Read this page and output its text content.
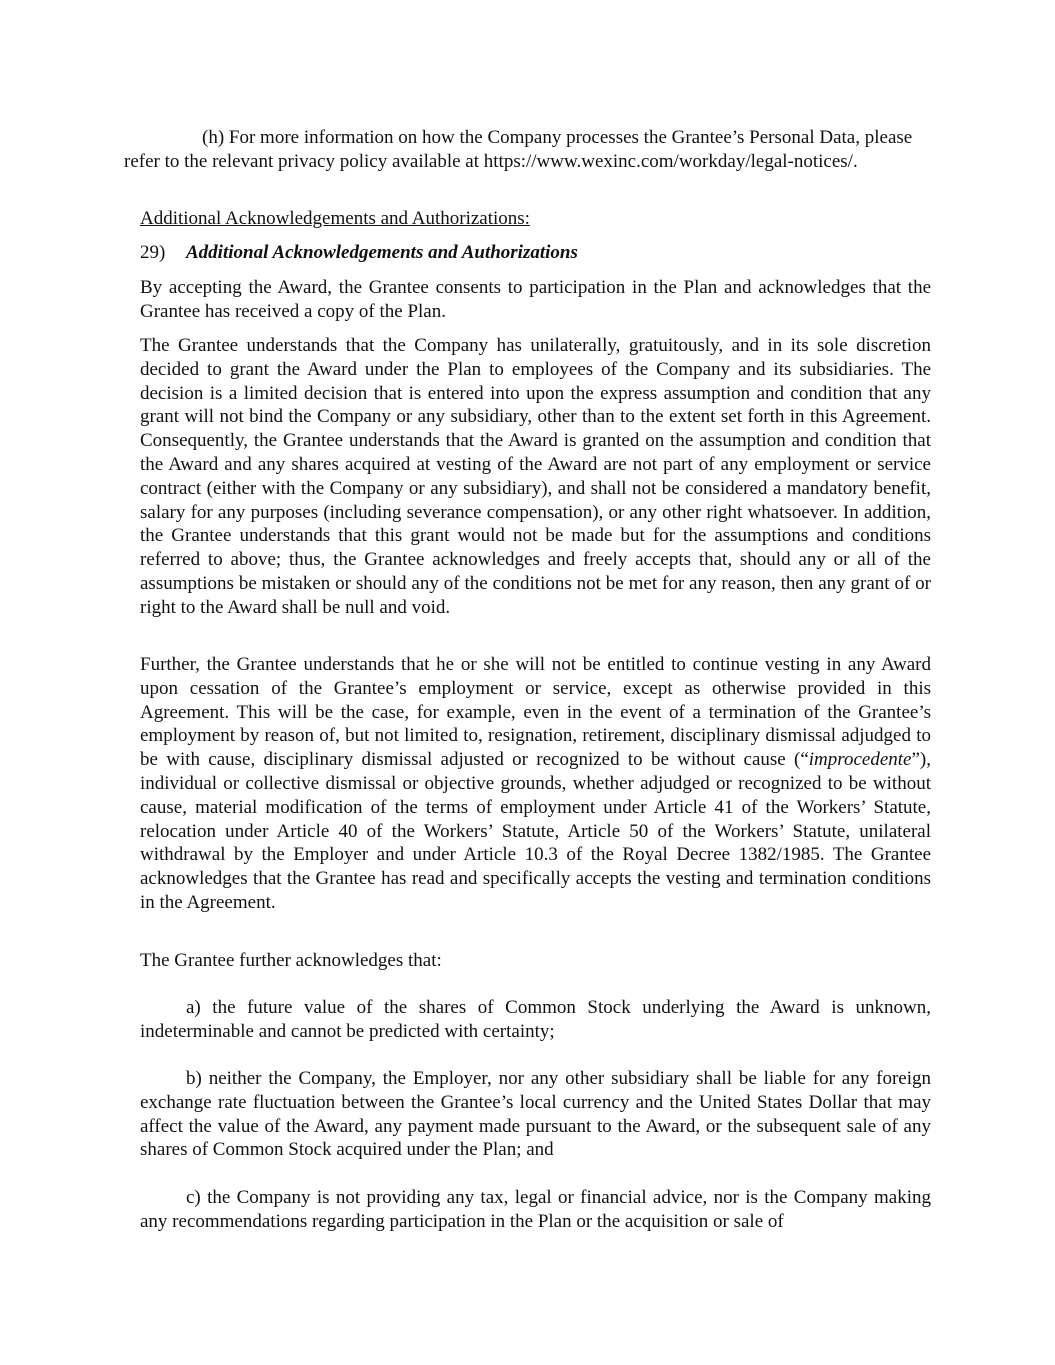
(h) For more information on how the Company processes the Grantee’s Personal Data, please refer to the relevant privacy policy available at https://www.wexinc.com/workday/legal-notices/.

Additional Acknowledgements and Authorizations:

29) Additional Acknowledgements and Authorizations

By accepting the Award, the Grantee consents to participation in the Plan and acknowledges that the Grantee has received a copy of the Plan.

The Grantee understands that the Company has unilaterally, gratuitously, and in its sole discretion decided to grant the Award under the Plan to employees of the Company and its subsidiaries. The decision is a limited decision that is entered into upon the express assumption and condition that any grant will not bind the Company or any subsidiary, other than to the extent set forth in this Agreement. Consequently, the Grantee understands that the Award is granted on the assumption and condition that the Award and any shares acquired at vesting of the Award are not part of any employment or service contract (either with the Company or any subsidiary), and shall not be considered a mandatory benefit, salary for any purposes (including severance compensation), or any other right whatsoever. In addition, the Grantee understands that this grant would not be made but for the assumptions and conditions referred to above; thus, the Grantee acknowledges and freely accepts that, should any or all of the assumptions be mistaken or should any of the conditions not be met for any reason, then any grant of or right to the Award shall be null and void.

Further, the Grantee understands that he or she will not be entitled to continue vesting in any Award upon cessation of the Grantee’s employment or service, except as otherwise provided in this Agreement. This will be the case, for example, even in the event of a termination of the Grantee’s employment by reason of, but not limited to, resignation, retirement, disciplinary dismissal adjudged to be with cause, disciplinary dismissal adjusted or recognized to be without cause (“improcedente”), individual or collective dismissal or objective grounds, whether adjudged or recognized to be without cause, material modification of the terms of employment under Article 41 of the Workers’ Statute, relocation under Article 40 of the Workers’ Statute, Article 50 of the Workers’ Statute, unilateral withdrawal by the Employer and under Article 10.3 of the Royal Decree 1382/1985. The Grantee acknowledges that the Grantee has read and specifically accepts the vesting and termination conditions in the Agreement.

The Grantee further acknowledges that:

a) the future value of the shares of Common Stock underlying the Award is unknown, indeterminable and cannot be predicted with certainty;

b) neither the Company, the Employer, nor any other subsidiary shall be liable for any foreign exchange rate fluctuation between the Grantee’s local currency and the United States Dollar that may affect the value of the Award, any payment made pursuant to the Award, or the subsequent sale of any shares of Common Stock acquired under the Plan; and

c) the Company is not providing any tax, legal or financial advice, nor is the Company making any recommendations regarding participation in the Plan or the acquisition or sale of
